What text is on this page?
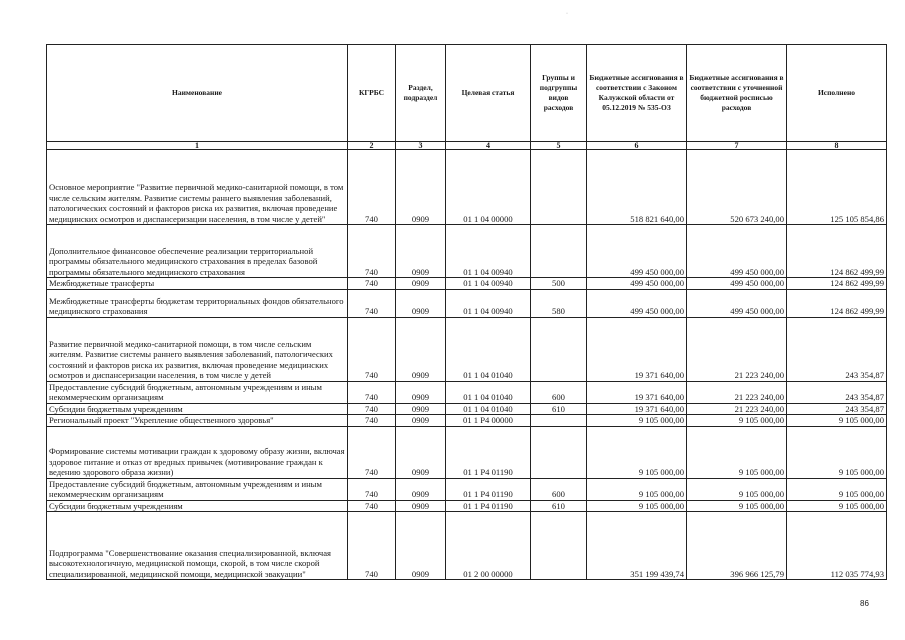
·
Наименование	КГРБС	Раздел, подраздел	Целевая статья	Группы и подгруппы видов расходов	Бюджетные ассигнования в соответствии с Законом Калужской области от 05.12.2019 № 535-ОЗ	Бюджетные ассигнования в соответствии с уточненной бюджетной росписью расходов	Исполнено
1	2	3	4	5	6	7	8
Основное мероприятие "Развитие первичной медико-санитарной помощи, в том числе сельским жителям. Развитие системы раннего выявления заболеваний, патологических состояний и факторов риска их развития, включая проведение медицинских осмотров и диспансеризации населения, в том числе у детей"	740	0909	01 1 04 00000		518 821 640,00	520 673 240,00	125 105 854,86
Дополнительное финансовое обеспечение реализации территориальной программы обязательного медицинского страхования в пределах базовой программы обязательного медицинского страхования	740	0909	01 1 04 00940		499 450 000,00	499 450 000,00	124 862 499,99
Межбюджетные трансферты	740	0909	01 1 04 00940	500	499 450 000,00	499 450 000,00	124 862 499,99
Межбюджетные трансферты бюджетам территориальных фондов обязательного медицинского страхования	740	0909	01 1 04 00940	580	499 450 000,00	499 450 000,00	124 862 499,99
Развитие первичной медико-санитарной помощи, в том числе сельским жителям. Развитие системы раннего выявления заболеваний, патологических состояний и факторов риска их развития, включая проведение медицинских осмотров и диспансеризации населения, в том числе у детей	740	0909	01 1 04 01040		19 371 640,00	21 223 240,00	243 354,87
Предоставление субсидий бюджетным, автономным учреждениям и иным некоммерческим организациям	740	0909	01 1 04 01040	600	19 371 640,00	21 223 240,00	243 354,87
Субсидии бюджетным учреждениям	740	0909	01 1 04 01040	610	19 371 640,00	21 223 240,00	243 354,87
Региональный проект "Укрепление общественного здоровья"	740	0909	01 1 P4 00000		9 105 000,00	9 105 000,00	9 105 000,00
Формирование системы мотивации граждан к здоровому образу жизни, включая здоровое питание и отказ от вредных привычек (мотивирование граждан к ведению здорового образа жизни)	740	0909	01 1 P4 01190		9 105 000,00	9 105 000,00	9 105 000,00
Предоставление субсидий бюджетным, автономным учреждениям и иным некоммерческим организациям	740	0909	01 1 P4 01190	600	9 105 000,00	9 105 000,00	9 105 000,00
Субсидии бюджетным учреждениям	740	0909	01 1 P4 01190	610	9 105 000,00	9 105 000,00	9 105 000,00
Подпрограмма "Совершенствование оказания специализированной, включая высокотехнологичную, медицинской помощи, скорой, в том числе скорой специализированной, медицинской помощи, медицинской эвакуации"	740	0909	01 2 00 00000		351 199 439,74	396 966 125,79	112 035 774,93
86
